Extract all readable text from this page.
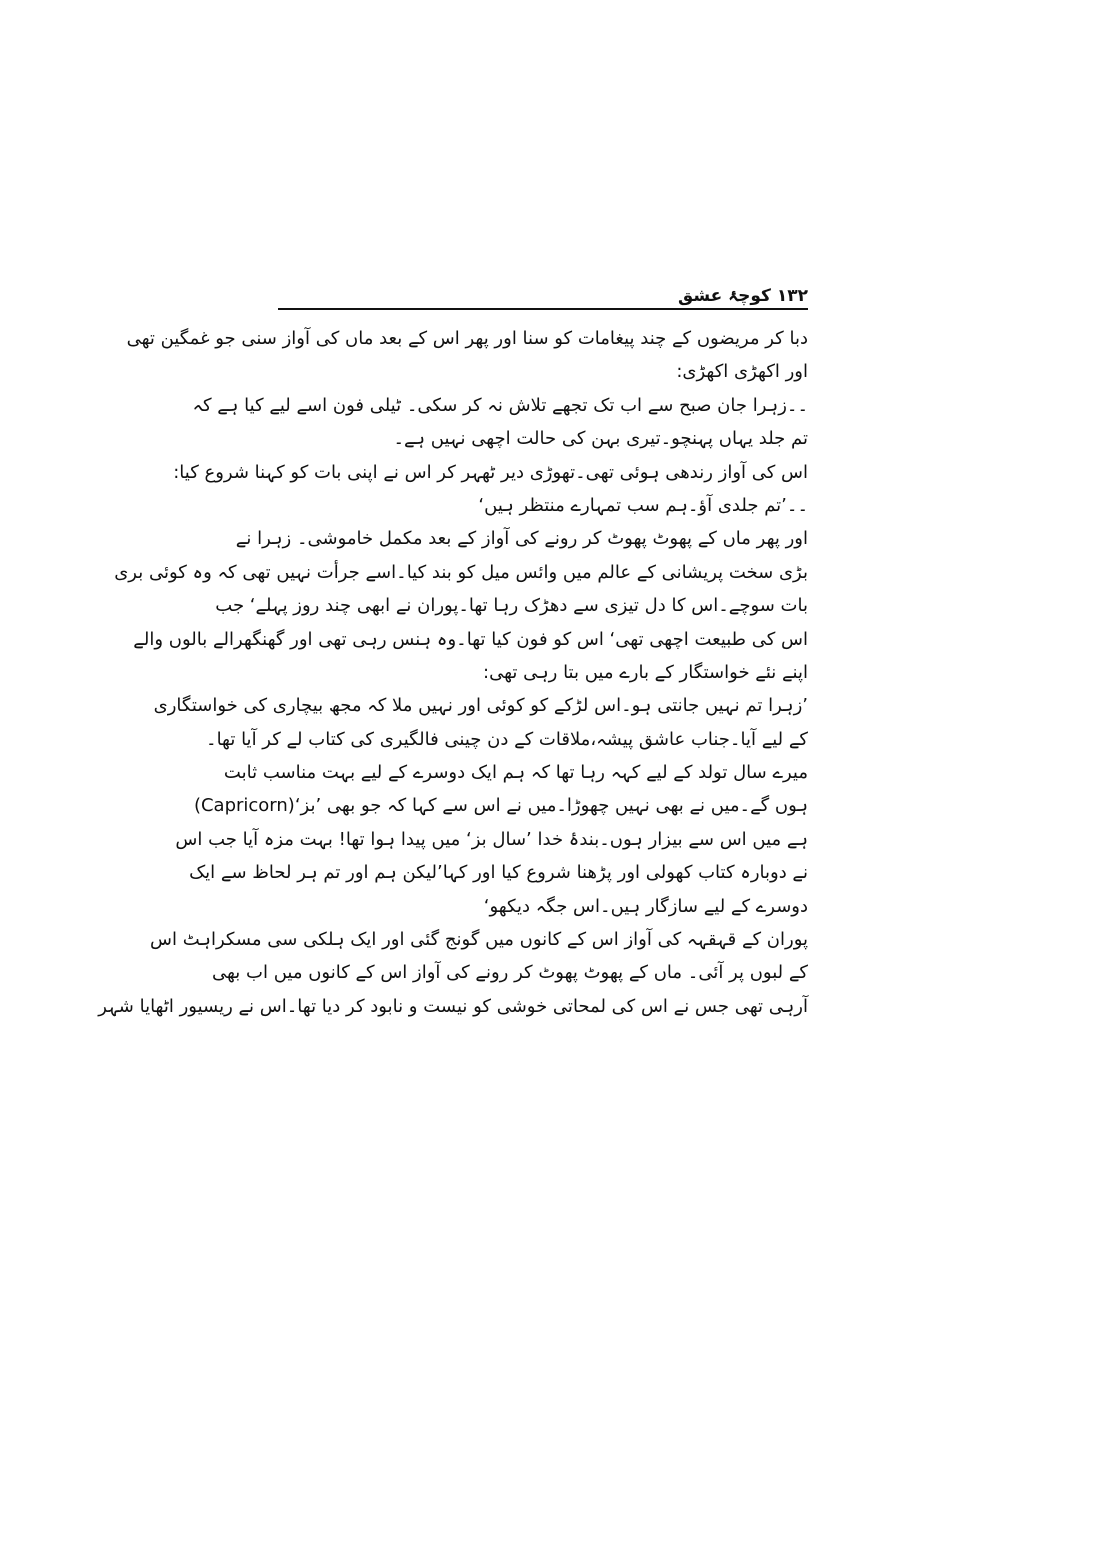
۱۳۲ کوچۂ عشق
دبا کر مریضوں کے چند پیغامات کو سنا اور پھر اس کے بعد ماں کی آواز سنی جو غمگین تھی
اور اکھڑی اکھڑی:
۔۔زہرا جان صبح سے اب تک تجھے تلاش نہ کر سکی۔ ٹیلی فون اسے لیے کیا ہے کہ
تم جلد یہاں پہنچو۔تیری بہن کی حالت اچھی نہیں ہے۔
اس کی آواز رندھی ہوئی تھی۔تھوڑی دیر ٹھہر کر اس نے اپنی بات کو کہنا شروع کیا:
۔۔’تم جلدی آؤ۔ہم سب تمہارے منتظر ہیں‘
اور پھر ماں کے پھوٹ پھوٹ کر رونے کی آواز کے بعد مکمل خاموشی۔ زہرا نے
بڑی سخت پریشانی کے عالم میں وائس میل کو بند کیا۔اسے جرأت نہیں تھی کہ وہ کوئی بری
بات سوچے۔اس کا دل تیزی سے دھڑک رہا تھا۔پوران نے ابھی چند روز پہلے‘ جب
اس کی طبیعت اچھی تھی‘ اس کو فون کیا تھا۔وہ ہنس رہی تھی اور گھنگھرالے بالوں والے
اپنے نئے خواستگار کے بارے میں بتا رہی تھی:
’زہرا تم نہیں جانتی ہو۔اس لڑکے کو کوئی اور نہیں ملا کہ مجھ بیچاری کی خواستگاری
کے لیے آیا۔جناب عاشق پیشہ،ملاقات کے دن چینی فالگیری کی کتاب لے کر آیا تھا۔
میرے سال تولد کے لیے کہہ رہا تھا کہ ہم ایک دوسرے کے لیے بہت مناسب ثابت
ہوں گے۔میں نے بھی نہیں چھوڑا۔میں نے اس سے کہا کہ جو بھی ’بز‘(Capricorn)
ہے میں اس سے بیزار ہوں۔بندۂ خدا ’سال بز‘ میں پیدا ہوا تھا! بہت مزہ آیا جب اس
نے دوبارہ کتاب کھولی اور پڑھنا شروع کیا اور کہا’لیکن ہم اور تم ہر لحاظ سے ایک
دوسرے کے لیے سازگار ہیں۔اس جگہ دیکھو‘
پوران کے قہقہہ کی آواز اس کے کانوں میں گونج گئی اور ایک ہلکی سی مسکراہٹ اس
کے لبوں پر آئی۔ ماں کے پھوٹ پھوٹ کر رونے کی آواز اس کے کانوں میں اب بھی
آرہی تھی جس نے اس کی لمحاتی خوشی کو نیست و نابود کر دیا تھا۔اس نے ریسیور اٹھایا شہر
